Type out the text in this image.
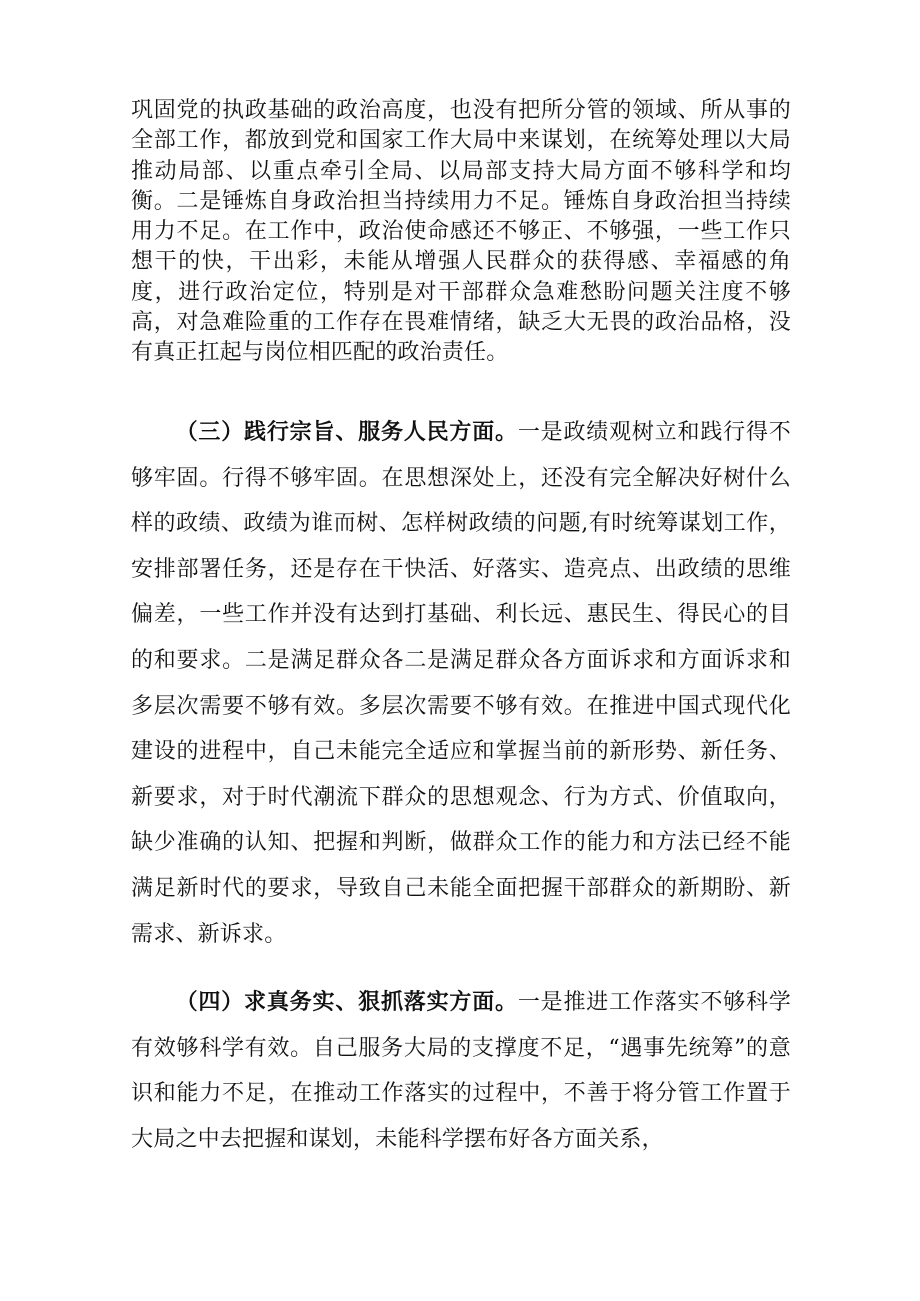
巩固党的执政基础的政治高度，也没有把所分管的领域、所从事的全部工作，都放到党和国家工作大局中来谋划，在统筹处理以大局推动局部、以重点牵引全局、以局部支持大局方面不够科学和均衡。二是锤炼自身政治担当持续用力不足。锤炼自身政治担当持续用力不足。在工作中，政治使命感还不够正、不够强，一些工作只想干的快，干出彩，未能从增强人民群众的获得感、幸福感的角度，进行政治定位，特别是对干部群众急难愁盼问题关注度不够高，对急难险重的工作存在畏难情绪，缺乏大无畏的政治品格，没有真正扛起与岗位相匹配的政治责任。

（三）践行宗旨、服务人民方面。一是政绩观树立和践行得不够牢固。行得不够牢固。在思想深处上，还没有完全解决好树什么样的政绩、政绩为谁而树、怎样树政绩的问题,有时统筹谋划工作，安排部署任务，还是存在干快活、好落实、造亮点、出政绩的思维偏差，一些工作并没有达到打基础、利长远、惠民生、得民心的目的和要求。二是满足群众各二是满足群众各方面诉求和方面诉求和多层次需要不够有效。多层次需要不够有效。在推进中国式现代化建设的进程中，自己未能完全适应和掌握当前的新形势、新任务、新要求，对于时代潮流下群众的思想观念、行为方式、价值取向，缺少准确的认知、把握和判断，做群众工作的能力和方法已经不能满足新时代的要求，导致自己未能全面把握干部群众的新期盼、新需求、新诉求。

（四）求真务实、狠抓落实方面。一是推进工作落实不够科学有效够科学有效。自己服务大局的支撑度不足，“遇事先统筹”的意识和能力不足，在推动工作落实的过程中，不善于将分管工作置于大局之中去把握和谋划，未能科学摆布好各方面关系，
